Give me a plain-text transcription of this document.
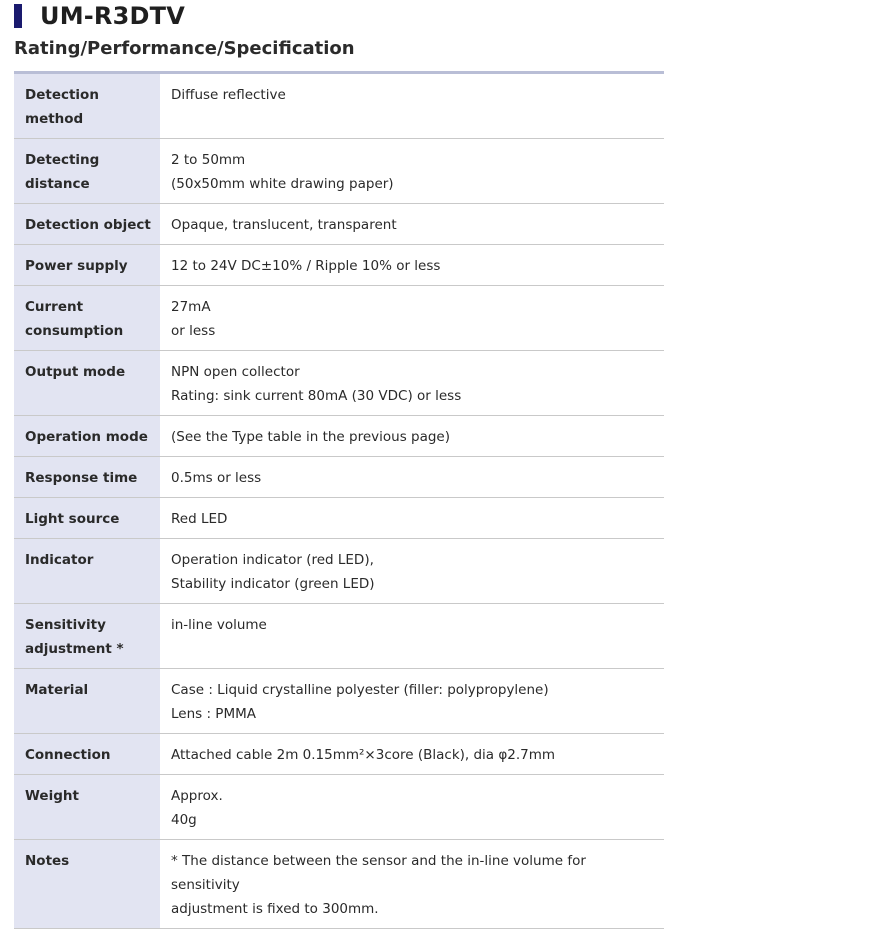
UM-R3DTV
Rating/Performance/Specification
Detection method	Diffuse reflective

Detecting
distance	2 to 50mm
(50x50mm white drawing paper)

Detection object	Opaque, translucent, transparent

Power supply	12 to 24V DC±10% / Ripple 10% or less

Current
consumption	27mA
or less

Output mode	NPN open collector
Rating: sink current 80mA (30 VDC) or less

Operation mode	(See the Type table in the previous page)

Response time	0.5ms or less

Light source	Red LED

Indicator	Operation indicator (red LED),
Stability indicator (green LED)

Sensitivity
adjustment *	in-line volume

Material	Case : Liquid crystalline polyester (filler: polypropylene)
Lens : PMMA

Connection	Attached cable 2m 0.15mm²×3core (Black), dia φ2.7mm

Weight	Approx.
40g

Notes	* The distance between the sensor and the in-line volume for sensitivity
adjustment is fixed to 300mm.
